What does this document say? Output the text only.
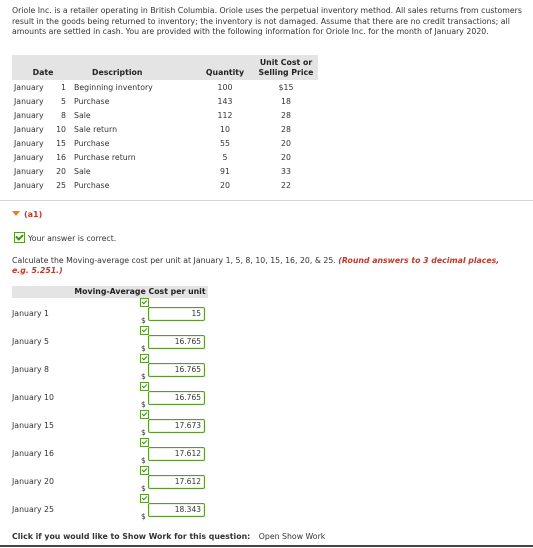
Oriole Inc. is a retailer operating in British Columbia. Oriole uses the perpetual inventory method. All sales returns from customers result in the goods being returned to inventory; the inventory is not damaged. Assume that there are no credit transactions; all amounts are settled in cash. You are provided with the following information for Oriole Inc. for the month of January 2020.
Date		Description	Quantity	Unit Cost or
Selling Price
January	1	Beginning inventory	100	$15
January	5	Purchase	143	18
January	8	Sale	112	28
January	10	Sale return	10	28
January	15	Purchase	55	20
January	16	Purchase return	5	20
January	20	Sale	91	33
January	25	Purchase	20	22
(a1)
Your answer is correct.
Calculate the Moving-average cost per unit at January 1, 5, 8, 10, 15, 16, 20, & 25. (Round answers to 3 decimal places, e.g. 5.251.)
Moving-Average Cost per unit
January 1
$
15
January 5
$
16.765
January 8
$
16.765
January 10
$
16.765
January 15
$
17.673
January 16
$
17.612
January 20
$
17.612
January 25
$
18.343
Click if you would like to Show Work for this question: Open Show Work
